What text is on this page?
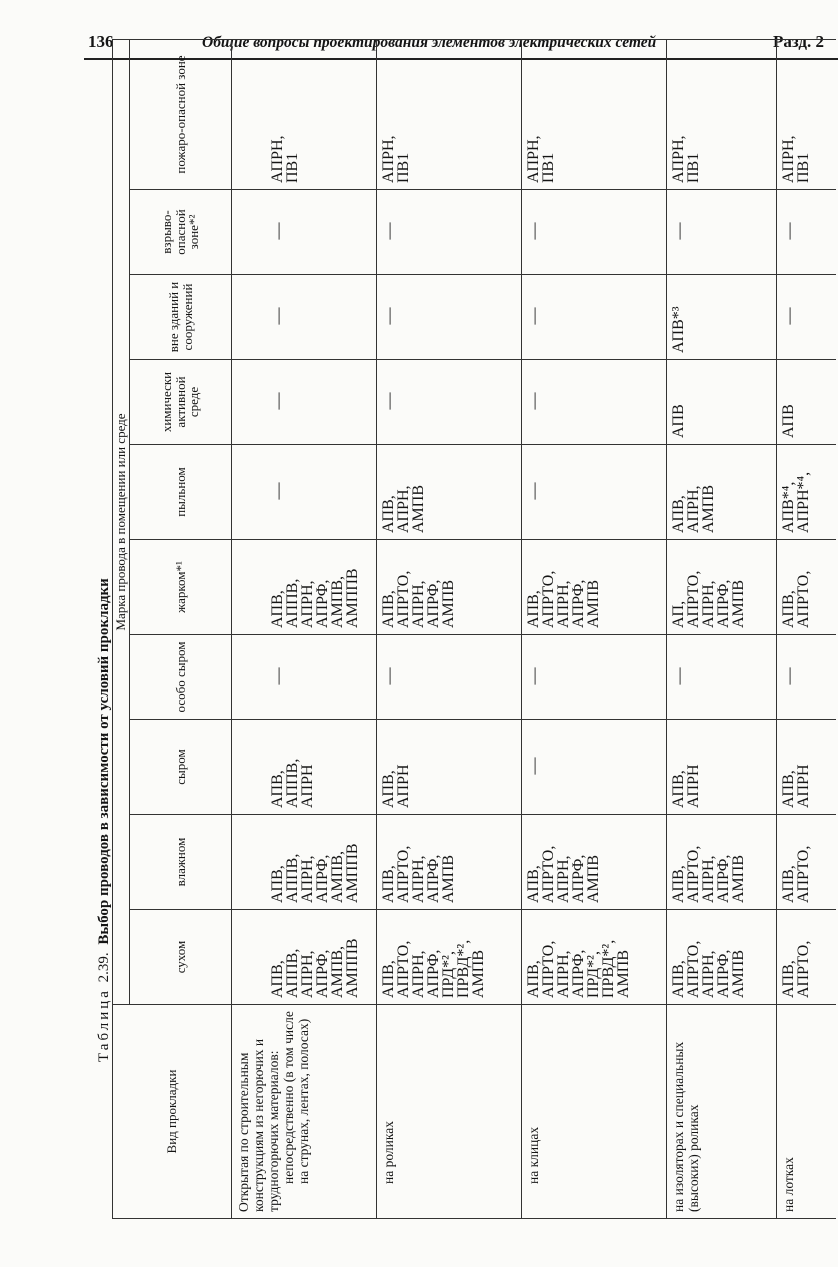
136	Общие вопросы проектирования элементов электрических сетей	Разд. 2
Таблица 2.39. Выбор проводов в зависимости от условий прокладки
Вид прокладки
Марка провода в помещении или среде
сухом
влажном
сыром
особо сыром
жарком*¹
пыльном
химически активной среде
вне зданий и сооружений
взрыво-опасной зоне*²
пожаро-опасной зоне
Открытая по строительным конструкциям из негорючих и трудногорючих материалов: непосредственно (в том числе на струнах, лентах, полосах)
АПВ,
АППВ,
АПРН,
АПРФ,
АМПВ,
АМППВ
АПВ,
АППВ,
АПРН,
АПРФ,
АМПВ,
АМППВ
АПВ,
АППВ,
АПРН
—
АПВ,
АППВ,
АПРН,
АПРФ,
АМПВ,
АМППВ
—
—
—
—
АПРН,
ПВ1
на роликах
АПВ,
АПРТО,
АПРН,
АПРФ,
ПРД*²,
ПРВД*²,
АМПВ
АПВ,
АПРТО,
АПРН,
АПРФ,
АМПВ
АПВ,
АПРН
—
АПВ,
АПРТО,
АПРН,
АПРФ,
АМПВ
АПВ,
АПРН,
АМПВ
—
—
—
АПРН,
ПВ1
на клицах
АПВ,
АПРТО,
АПРН,
АПРФ,
ПРД*²,
ПРВД*²,
АМПВ
АПВ,
АПРТО,
АПРН,
АПРФ,
АМПВ
—
—
АПВ,
АПРТО,
АПРН,
АПРФ,
АМПВ
—
—
—
—
АПРН,
ПВ1
на изоляторах и специальных (высоких) роликах
АПВ,
АПРТО,
АПРН,
АПРФ,
АМПВ
АПВ,
АПРТО,
АПРН,
АПРФ,
АМПВ
АПВ,
АПРН
—
АП,
АПРТО,
АПРН,
АПРФ,
АМПВ
АПВ,
АПРН,
АМПВ
АПВ
АПВ*³
—
АПРН,
ПВ1
на лотках
АПВ,
АПРТО,
АПВ,
АПРТО,
АПВ,
АПРН
—
АПВ,
АПРТО,
АПВ*⁴,
АПРН*⁴,
АПВ
—
—
АПРН,
ПВ1
